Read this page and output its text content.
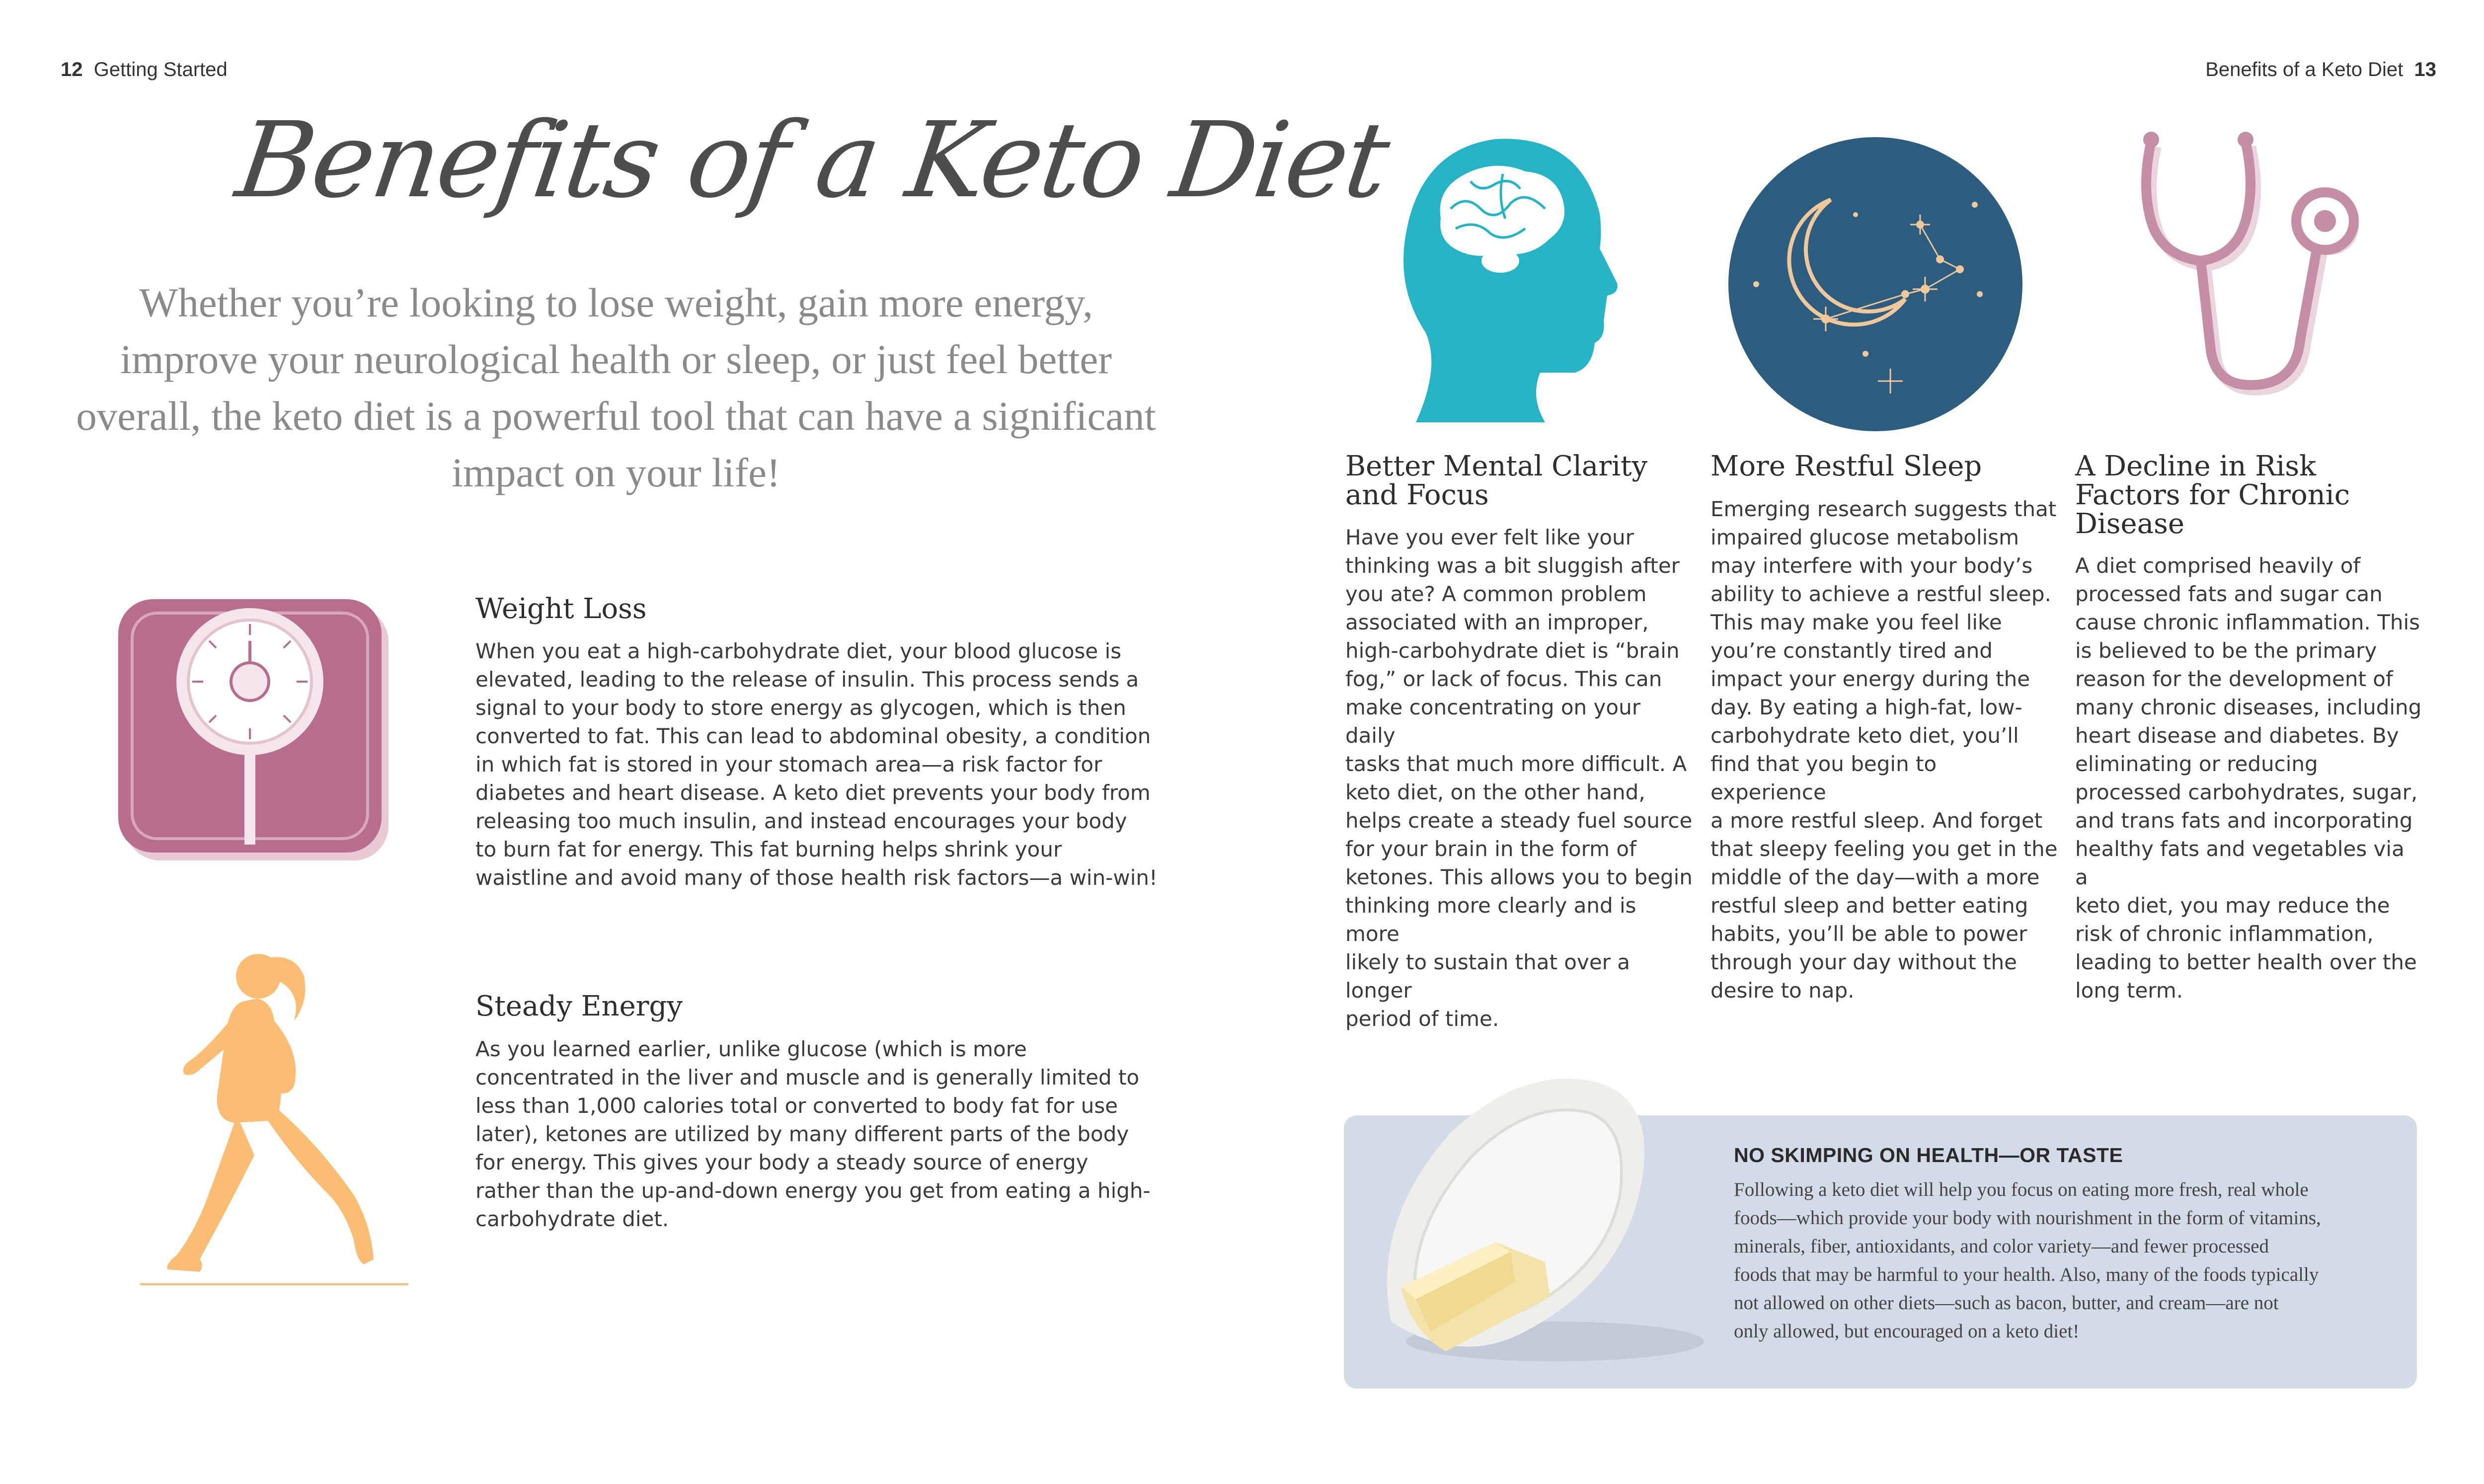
12 Getting Started	Benefits of a Keto Diet 13
Benefits of a Keto Diet
Whether you’re looking to lose weight, gain more energy, improve your neurological health or sleep, or just feel better overall, the keto diet is a powerful tool that can have a significant impact on your life!
Weight Loss
When you eat a high-carbohydrate diet, your blood glucose is
elevated, leading to the release of insulin. This process sends a
signal to your body to store energy as glycogen, which is then
converted to fat. This can lead to abdominal obesity, a condition
in which fat is stored in your stomach area—a risk factor for
diabetes and heart disease. A keto diet prevents your body from
releasing too much insulin, and instead encourages your body
to burn fat for energy. This fat burning helps shrink your
waistline and avoid many of those health risk factors—a win-win!
Steady Energy
As you learned earlier, unlike glucose (which is more
concentrated in the liver and muscle and is generally limited to
less than 1,000 calories total or converted to body fat for use
later), ketones are utilized by many different parts of the body
for energy. This gives your body a steady source of energy
rather than the up-and-down energy you get from eating a high-
carbohydrate diet.
Better Mental Clarity
and Focus
Have you ever felt like your
thinking was a bit sluggish after
you ate? A common problem
associated with an improper,
high-carbohydrate diet is “brain
fog,” or lack of focus. This can
make concentrating on your daily
tasks that much more difficult. A
keto diet, on the other hand,
helps create a steady fuel source
for your brain in the form of
ketones. This allows you to begin
thinking more clearly and is more
likely to sustain that over a longer
period of time.
More Restful Sleep
Emerging research suggests that
impaired glucose metabolism
may interfere with your body’s
ability to achieve a restful sleep.
This may make you feel like
you’re constantly tired and
impact your energy during the
day. By eating a high-fat, low-
carbohydrate keto diet, you’ll
find that you begin to experience
a more restful sleep. And forget
that sleepy feeling you get in the
middle of the day—with a more
restful sleep and better eating
habits, you’ll be able to power
through your day without the
desire to nap.
A Decline in Risk
Factors for Chronic
Disease
A diet comprised heavily of
processed fats and sugar can
cause chronic inflammation. This
is believed to be the primary
reason for the development of
many chronic diseases, including
heart disease and diabetes. By
eliminating or reducing
processed carbohydrates, sugar,
and trans fats and incorporating
healthy fats and vegetables via a
keto diet, you may reduce the
risk of chronic inflammation,
leading to better health over the
long term.
NO SKIMPING ON HEALTH—OR TASTE
Following a keto diet will help you focus on eating more fresh, real whole
foods—which provide your body with nourishment in the form of vitamins,
minerals, fiber, antioxidants, and color variety—and fewer processed
foods that may be harmful to your health. Also, many of the foods typically
not allowed on other diets—such as bacon, butter, and cream—are not
only allowed, but encouraged on a keto diet!
